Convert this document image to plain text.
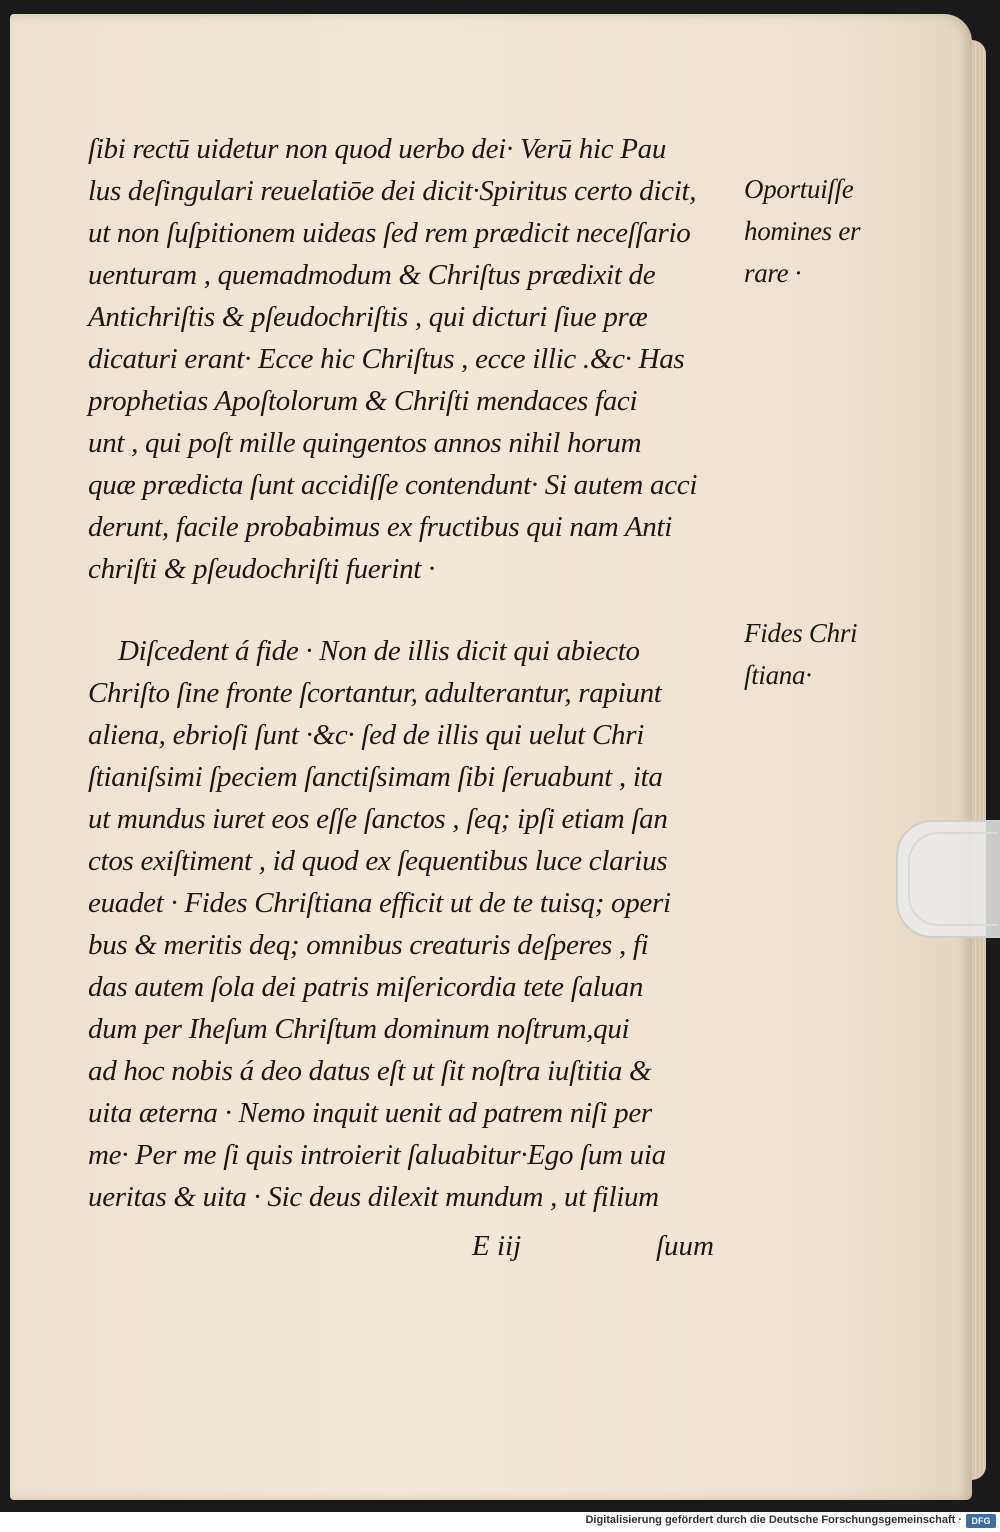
ſibi rectū uidetur non quod uerbo dei· Verū hic Pau
lus deſingulari reuelatiōe dei dicit·Spiritus certo dicit,
ut non ſuſpitionem uideas ſed rem prædicit neceſſario
uenturam , quemadmodum & Chriſtus prædixit de
Antichriſtis & pſeudochriſtis , qui dicturi ſiue præ
dicaturi erant· Ecce hic Chriſtus , ecce illic .&c· Has
prophetias Apoſtolorum & Chriſti mendaces faci
unt , qui poſt mille quingentos annos nihil horum
quæ prædicta ſunt accidiſſe contendunt· Si autem acci
derunt, facile probabimus ex fructibus qui nam Anti
chriſti & pſeudochriſti fuerint ·
Diſcedent á fide · Non de illis dicit qui abiecto
Chriſto ſine fronte ſcortantur, adulterantur, rapiunt
aliena, ebrioſi ſunt ·&c· ſed de illis qui uelut Chri
ſtianiſsimi ſpeciem ſanctiſsimam ſibi ſeruabunt , ita
ut mundus iuret eos eſſe ſanctos , ſeq; ipſi etiam ſan
ctos exiſtiment , id quod ex ſequentibus luce clarius
euadet · Fides Chriſtiana efficit ut de te tuisq; operi
bus & meritis deq; omnibus creaturis deſperes , fi
das autem ſola dei patris miſericordia tete ſaluan
dum per Iheſum Chriſtum dominum noſtrum,qui
ad hoc nobis á deo datus eſt ut ſit noſtra iuſtitia &
uita æterna · Nemo inquit uenit ad patrem niſi per
me· Per me ſi quis introierit ſaluabitur·Ego ſum uia
ueritas & uita · Sic deus dilexit mundum , ut filium
Oportuiſſe
homines er
rare ·
Fides Chri
ſtiana·
E iij	ſuum
Digitalisierung gefördert durch die Deutsche Forschungsgemeinschaft ·	DFG
